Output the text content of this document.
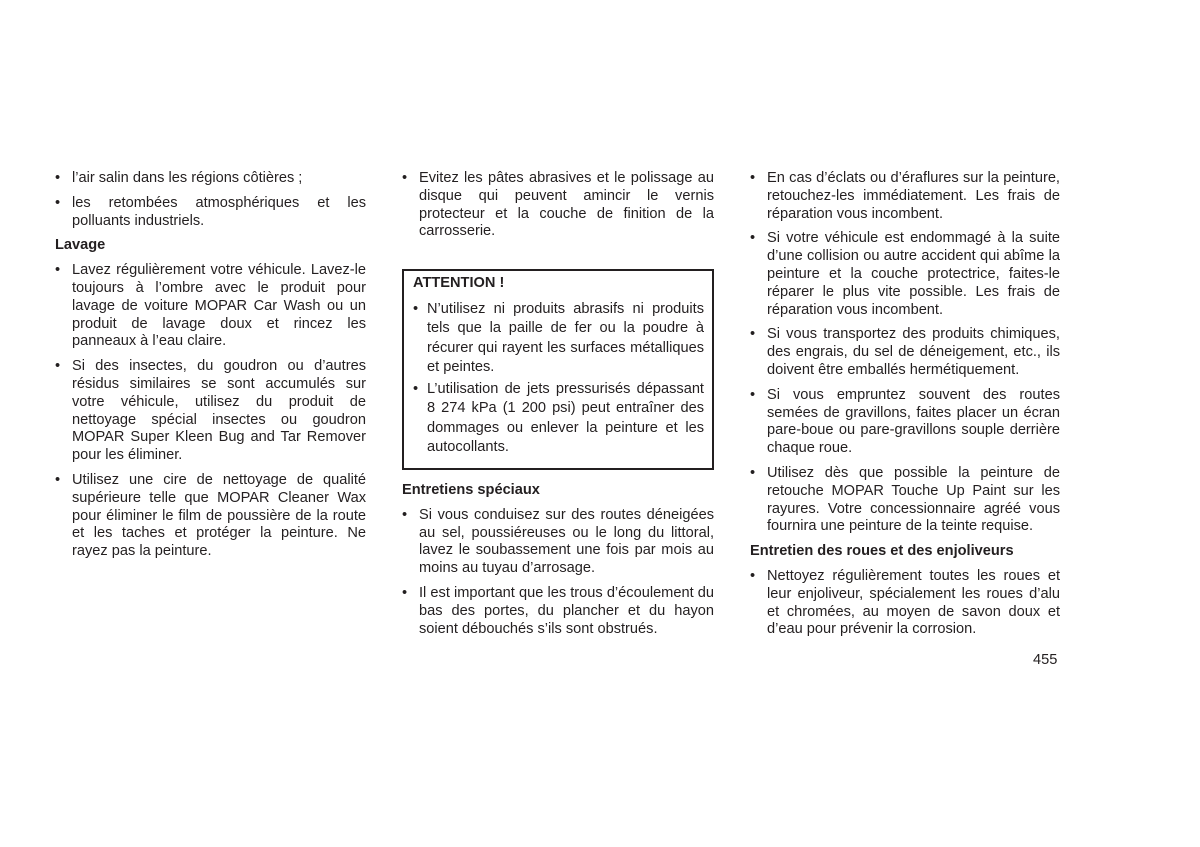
• l’air salin dans les régions côtières ;

• les retombées atmosphériques et les polluants industriels.

Lavage

• Lavez régulièrement votre véhicule. Lavez-le toujours à l’ombre avec le produit pour lavage de voiture MOPAR Car Wash ou un produit de lavage doux et rincez les panneaux à l’eau claire.

• Si des insectes, du goudron ou d’autres résidus similaires se sont accumulés sur votre véhicule, utilisez du produit de nettoyage spécial insectes ou goudron MOPAR Super Kleen Bug and Tar Remover pour les éliminer.

• Utilisez une cire de nettoyage de qualité supérieure telle que MOPAR Cleaner Wax pour éliminer le film de poussière de la route et les taches et protéger la peinture. Ne rayez pas la peinture.

• Evitez les pâtes abrasives et le polissage au disque qui peuvent amincir le vernis protecteur et la couche de finition de la carrosserie.

ATTENTION !

• N’utilisez ni produits abrasifs ni produits tels que la paille de fer ou la poudre à récurer qui rayent les surfaces métalliques et peintes.

• L’utilisation de jets pressurisés dépassant 8 274 kPa (1 200 psi) peut entraîner des dommages ou enlever la peinture et les autocollants.

Entretiens spéciaux

• Si vous conduisez sur des routes déneigées au sel, poussiéreuses ou le long du littoral, lavez le soubassement une fois par mois au moins au tuyau d’arrosage.

• Il est important que les trous d’écoulement du bas des portes, du plancher et du hayon soient débouchés s’ils sont obstrués.

• En cas d’éclats ou d’éraflures sur la peinture, retouchez-les immédiatement. Les frais de réparation vous incombent.

• Si votre véhicule est endommagé à la suite d’une collision ou autre accident qui abîme la peinture et la couche protectrice, faites-le réparer le plus vite possible. Les frais de réparation vous incombent.

• Si vous transportez des produits chimiques, des engrais, du sel de déneigement, etc., ils doivent être emballés hermétiquement.

• Si vous empruntez souvent des routes semées de gravillons, faites placer un écran pare-boue ou pare-gravillons souple derrière chaque roue.

• Utilisez dès que possible la peinture de retouche MOPAR Touche Up Paint sur les rayures. Votre concessionnaire agréé vous fournira une peinture de la teinte requise.

Entretien des roues et des enjoliveurs

• Nettoyez régulièrement toutes les roues et leur enjoliveur, spécialement les roues d’alu et chromées, au moyen de savon doux et d’eau pour prévenir la corrosion.

455
